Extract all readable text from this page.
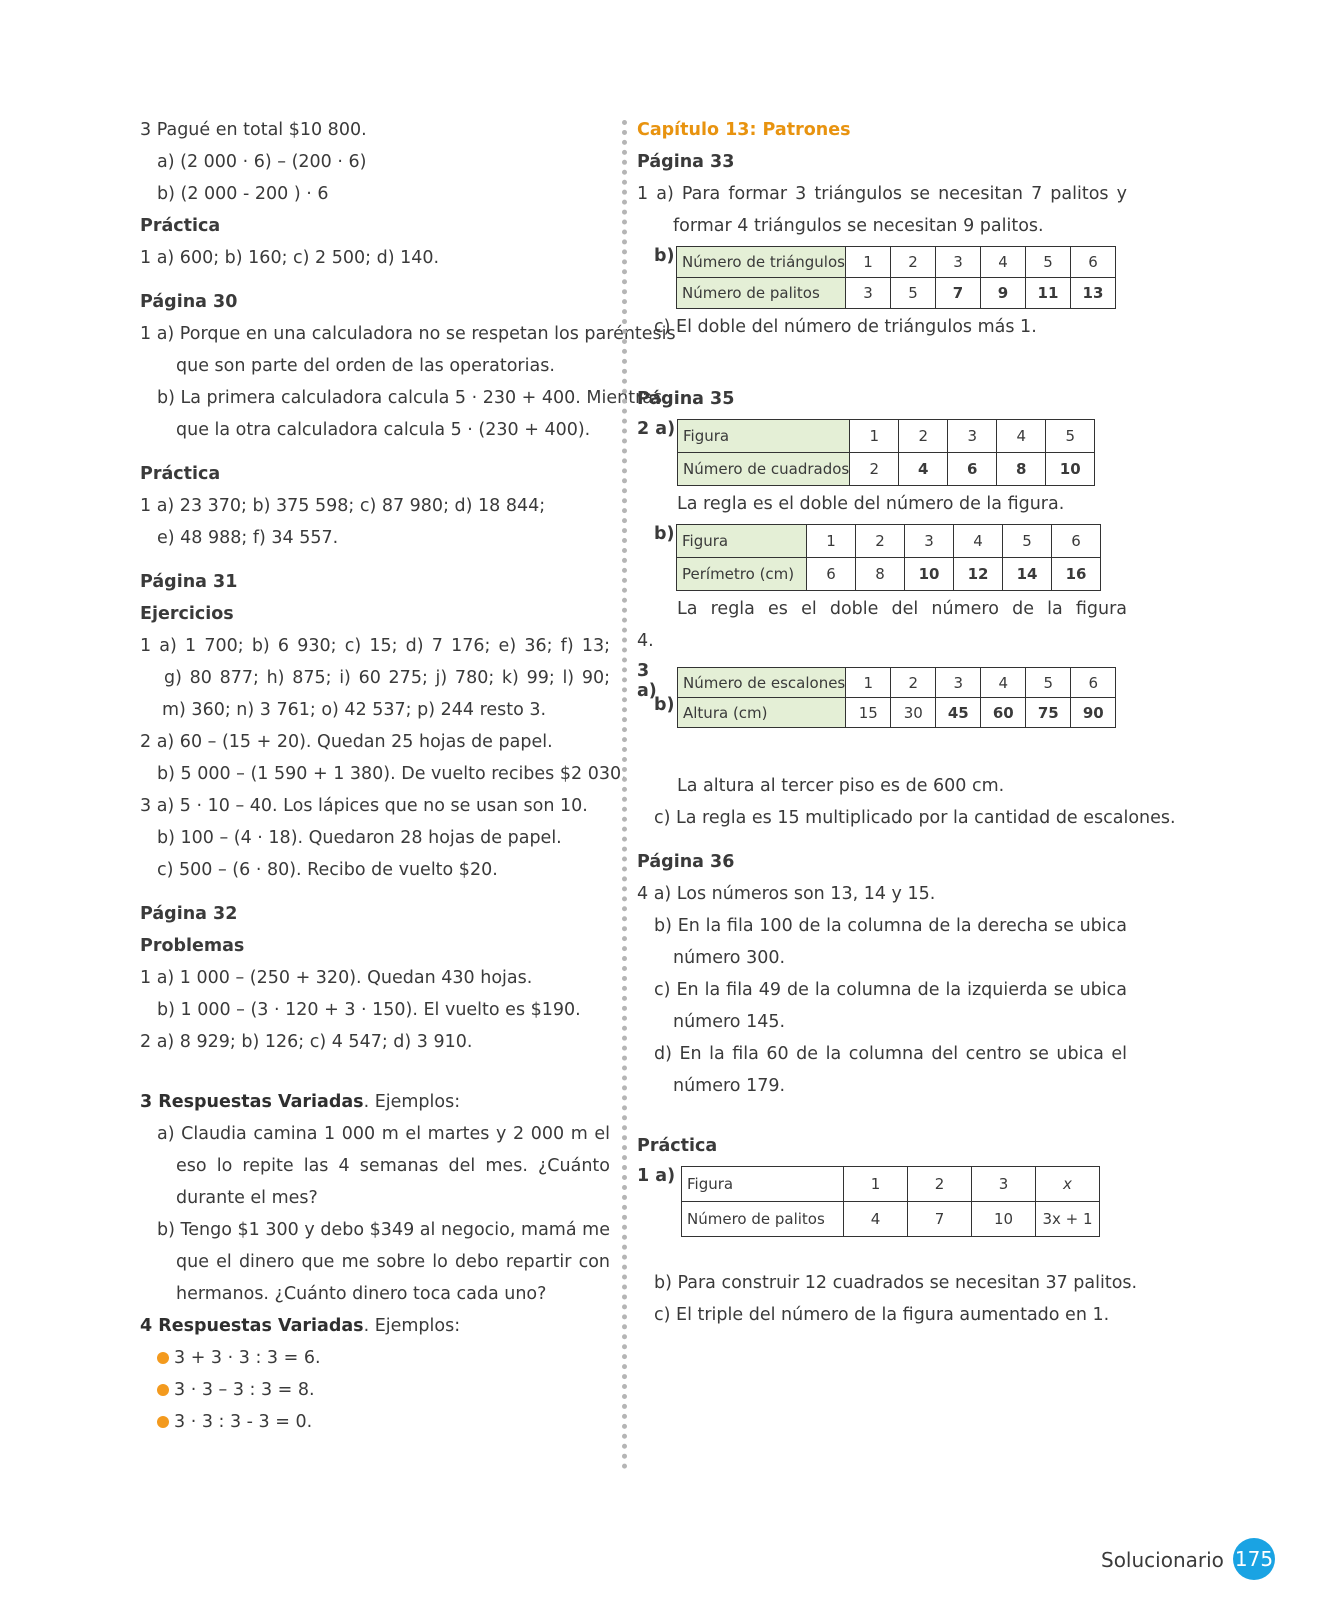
3 Pagué en total $10 800.
a) (2 000 · 6) – (200 · 6)
b) (2 000 - 200 ) · 6
Práctica
1 a) 600; b) 160; c) 2 500; d) 140.
Página 30
1 a) Porque en una calculadora no se respetan los paréntesis
que son parte del orden de las operatorias.
b) La primera calculadora calcula 5 · 230 + 400. Mientras
que la otra calculadora calcula 5 · (230 + 400).
Práctica
1 a) 23 370; b) 375 598; c) 87 980; d) 18 844;
e) 48 988; f) 34 557.
Página 31
Ejercicios
1 a) 1 700; b) 6 930; c) 15; d) 7 176; e) 36; f) 13;
g) 80 877; h) 875; i) 60 275; j) 780; k) 99; l) 90;
m) 360; n) 3 761; o) 42 537; p) 244 resto 3.
2 a) 60 – (15 + 20). Quedan 25 hojas de papel.
b) 5 000 – (1 590 + 1 380). De vuelto recibes $2 030.
3 a) 5 · 10 – 40. Los lápices que no se usan son 10.
b) 100 – (4 · 18). Quedaron 28 hojas de papel.
c) 500 – (6 · 80). Recibo de vuelto $20.
Página 32
Problemas
1 a) 1 000 – (250 + 320). Quedan 430 hojas.
b) 1 000 – (3 · 120 + 3 · 150). El vuelto es $190.
2 a) 8 929; b) 126; c) 4 547; d) 3 910.
3 Respuestas Variadas. Ejemplos:
a) Claudia camina 1 000 m el martes y 2 000 m el
eso lo repite las 4 semanas del mes. ¿Cuánto
durante el mes?
b) Tengo $1 300 y debo $349 al negocio, mamá me
que el dinero que me sobre lo debo repartir con
hermanos. ¿Cuánto dinero toca cada uno?
4 Respuestas Variadas. Ejemplos:
3 + 3 · 3 : 3 = 6.
3 · 3 – 3 : 3 = 8.
3 · 3 : 3 - 3 = 0.
Capítulo 13: Patrones
Página 33
1 a) Para formar 3 triángulos se necesitan 7 palitos y
formar 4 triángulos se necesitan 9 palitos.
b) Número de triángulos	1	2	3	4	5	6
Número de palitos	3	5	7	9	11	13
c) El doble del número de triángulos más 1.
Página 35
2 a) Figura	1	2	3	4	5
Número de cuadrados	2	4	6	8	10
La regla es el doble del número de la figura.
b) Figura	1	2	3	4	5	6
Perímetro (cm)	6	8	10	12	14	16
La regla es el doble del número de la figura
4.
3 a)
b)
Número de escalones	1	2	3	4	5	6
Altura (cm)	15	30	45	60	75	90
La altura al tercer piso es de 600 cm.
c) La regla es 15 multiplicado por la cantidad de escalones.
Página 36
4 a) Los números son 13, 14 y 15.
b) En la fila 100 de la columna de la derecha se ubica
número 300.
c) En la fila 49 de la columna de la izquierda se ubica
número 145.
d) En la fila 60 de la columna del centro se ubica el
número 179.
Práctica
1 a) Figura	1	2	3	x
Número de palitos	4	7	10	3x + 1
b) Para construir 12 cuadrados se necesitan 37 palitos.
c) El triple del número de la figura aumentado en 1.
Solucionario 175
